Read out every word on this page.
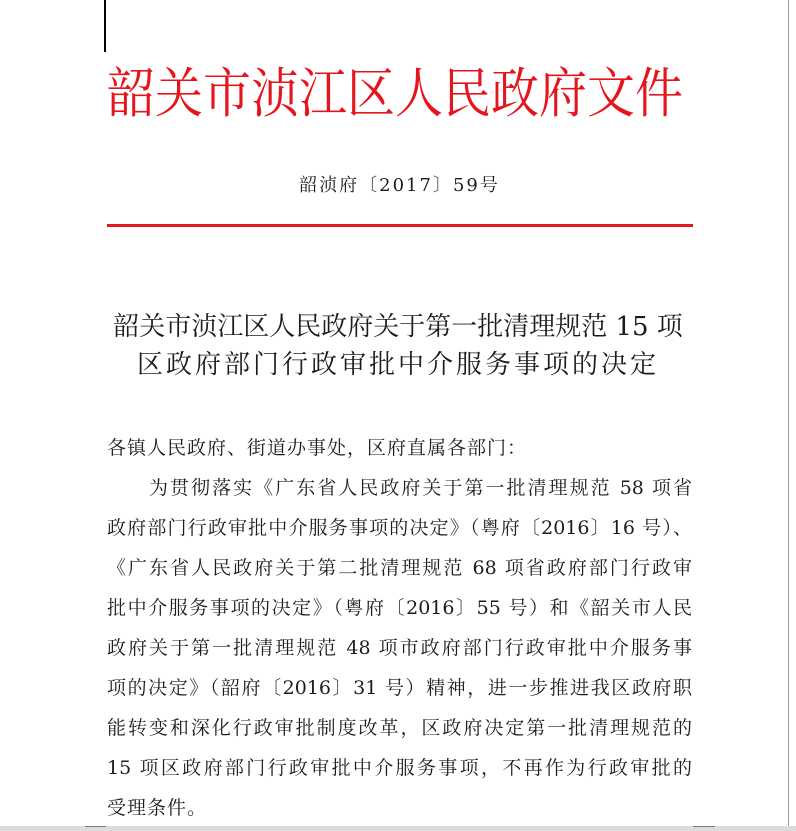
韶关市浈江区人民政府文件
韶浈府〔2017〕59号
韶关市浈江区人民政府关于第一批清理规范 15 项
区政府部门行政审批中介服务事项的决定
各镇人民政府、街道办事处，区府直属各部门：
为贯彻落实《广东省人民政府关于第一批清理规范 58 项省
政府部门行政审批中介服务事项的决定》（粤府〔2016〕16 号）、
《广东省人民政府关于第二批清理规范 68 项省政府部门行政审
批中介服务事项的决定》（粤府〔2016〕55 号）和《韶关市人民
政府关于第一批清理规范 48 项市政府部门行政审批中介服务事
项的决定》（韶府〔2016〕31 号）精神，进一步推进我区政府职
能转变和深化行政审批制度改革，区政府决定第一批清理规范的
15 项区政府部门行政审批中介服务事项，不再作为行政审批的
受理条件。
